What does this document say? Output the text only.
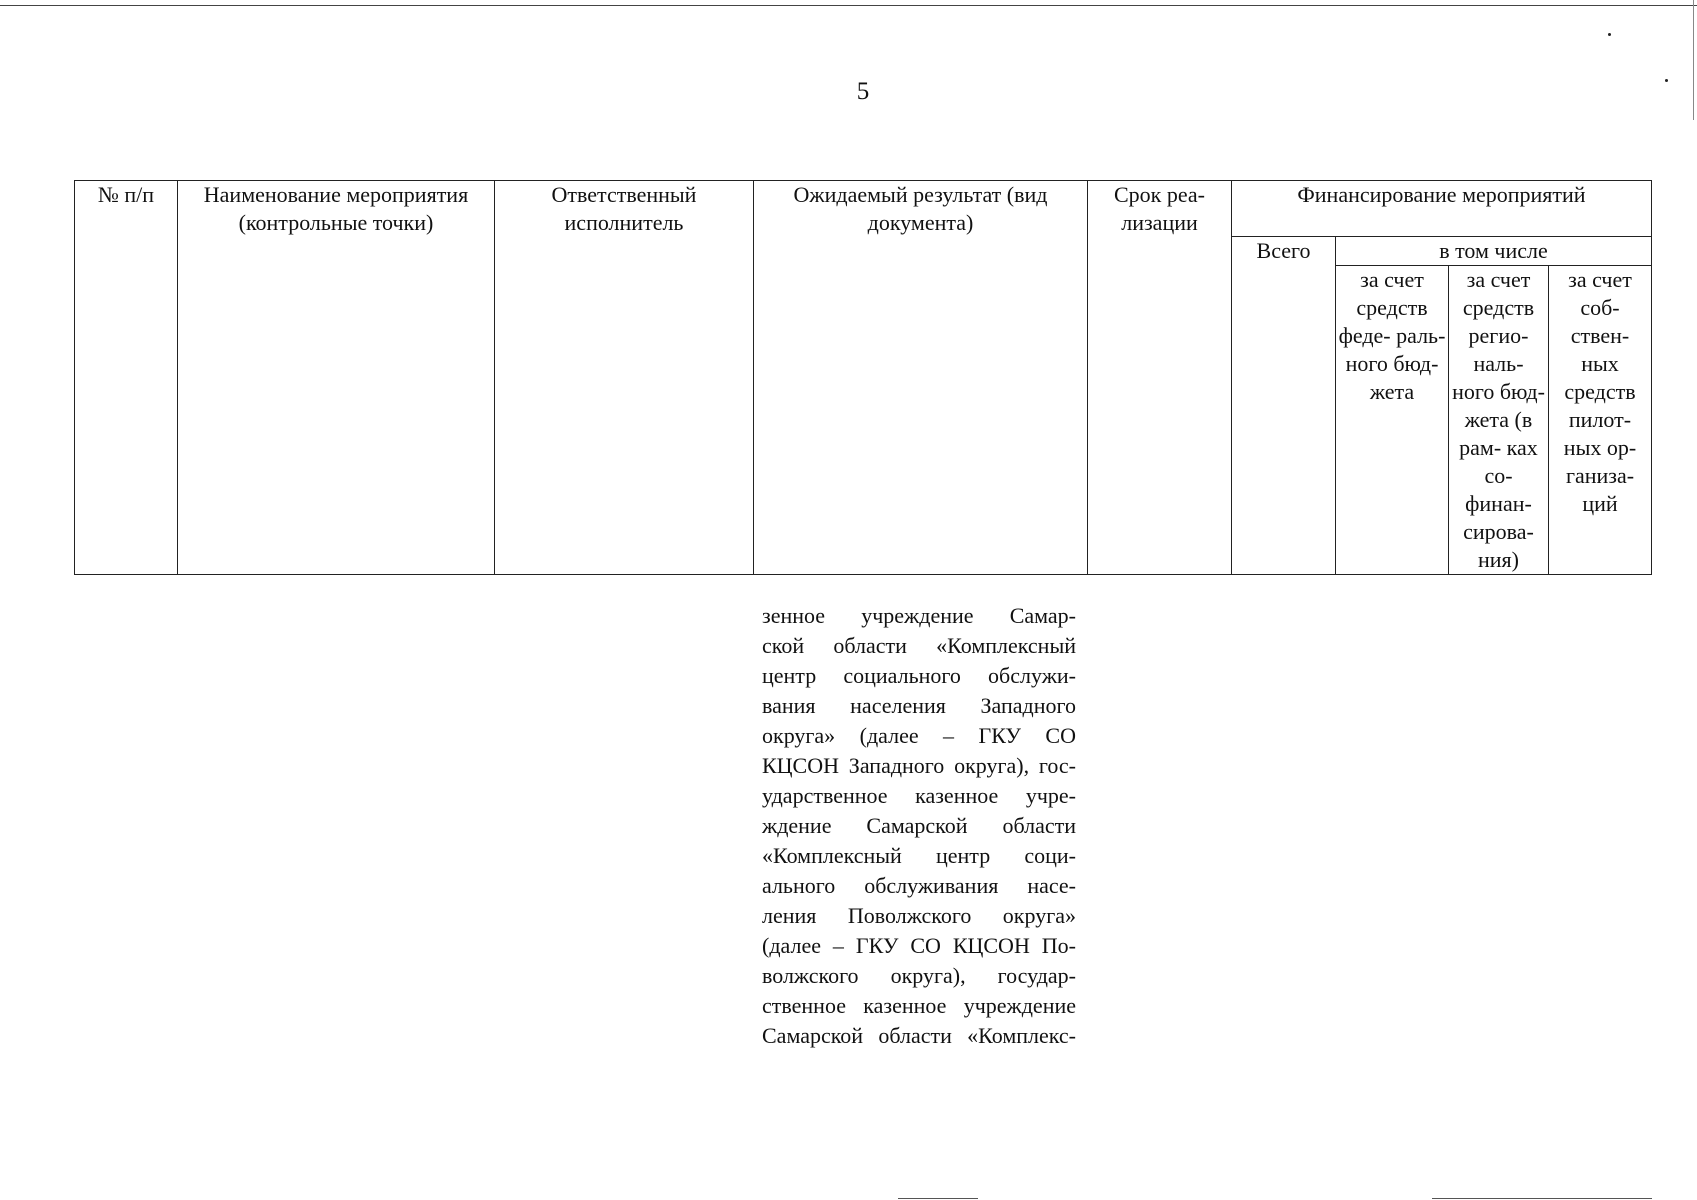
5
№ п/п	Наименование мероприятия (контрольные точки)	Ответственный исполнитель	Ожидаемый результат (вид документа)	Срок реа- лизации	Финансирование мероприятий			
					Всего	в том числе		
						за счет средств феде- раль- ного бюд- жета	за счет средств регио- наль- ного бюд- жета (в рам- ках со- финан- сирова- ния)	за счет соб- ствен- ных средств пилот- ных ор- ганиза- ций
зенное учреждение Самар-
ской области «Комплексный
центр социального обслужи-
вания населения Западного
округа» (далее – ГКУ СО
КЦСОН Западного округа), гос-
ударственное казенное учре-
ждение Самарской области
«Комплексный центр соци-
ального обслуживания насе-
ления Поволжского округа»
(далее – ГКУ СО КЦСОН По-
волжского округа), государ-
ственное казенное учреждение
Самарской области «Комплекс-
